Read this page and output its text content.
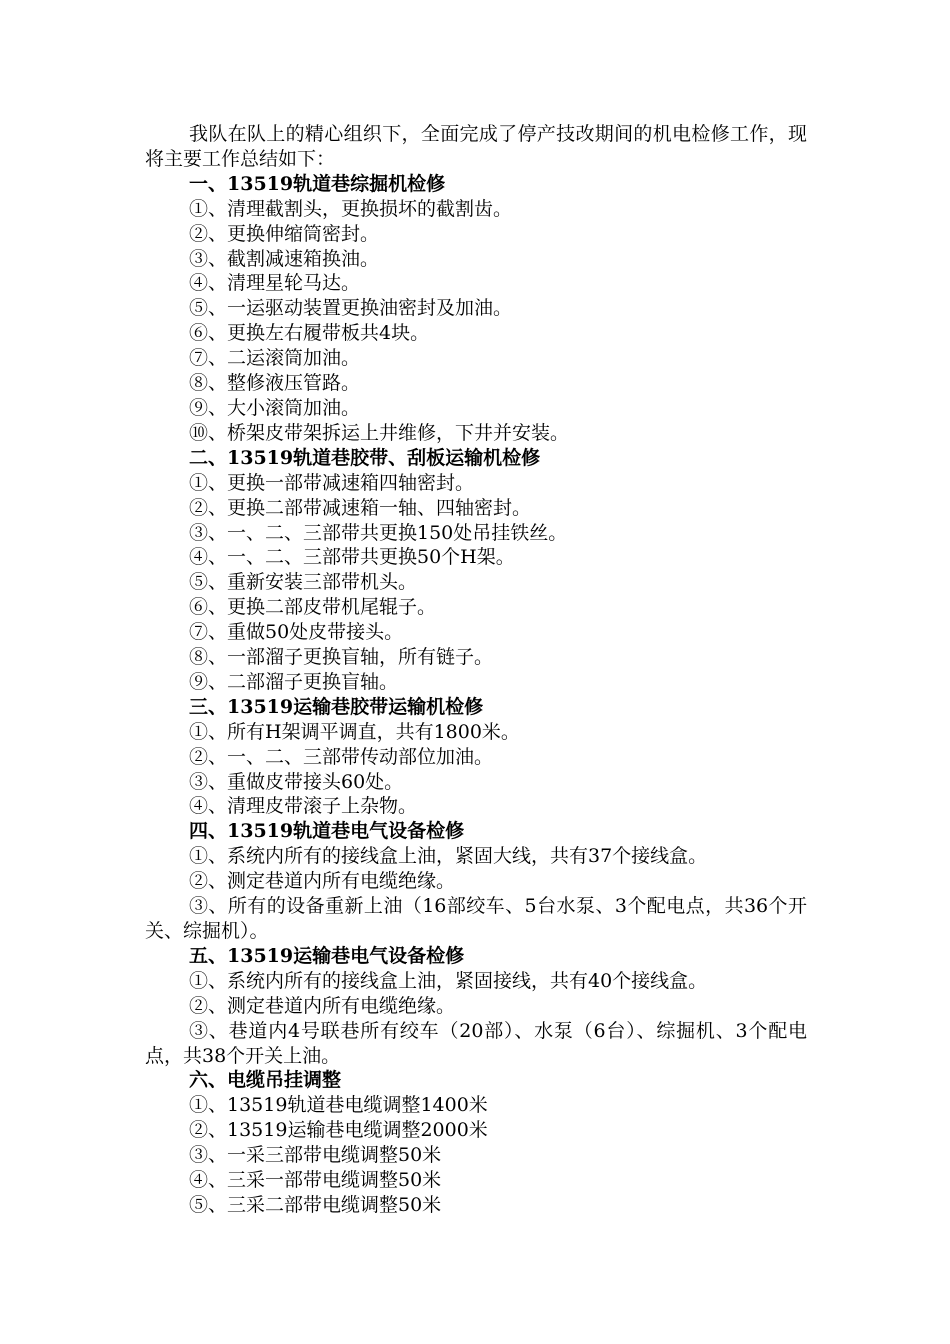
我队在队上的精心组织下，全面完成了停产技改期间的机电检修工作，现将主要工作总结如下：

一、13519轨道巷综掘机检修
①、清理截割头，更换损坏的截割齿。
②、更换伸缩筒密封。
③、截割减速箱换油。
④、清理星轮马达。
⑤、一运驱动装置更换油密封及加油。
⑥、更换左右履带板共4块。
⑦、二运滚筒加油。
⑧、整修液压管路。
⑨、大小滚筒加油。
⑩、桥架皮带架拆运上井维修，下井并安装。
二、13519轨道巷胶带、刮板运输机检修
①、更换一部带减速箱四轴密封。
②、更换二部带减速箱一轴、四轴密封。
③、一、二、三部带共更换150处吊挂铁丝。
④、一、二、三部带共更换50个H架。
⑤、重新安装三部带机头。
⑥、更换二部皮带机尾辊子。
⑦、重做50处皮带接头。
⑧、一部溜子更换盲轴，所有链子。
⑨、二部溜子更换盲轴。
三、13519运输巷胶带运输机检修
①、所有H架调平调直，共有1800米。
②、一、二、三部带传动部位加油。
③、重做皮带接头60处。
④、清理皮带滚子上杂物。
四、13519轨道巷电气设备检修
①、系统内所有的接线盒上油，紧固大线，共有37个接线盒。
②、测定巷道内所有电缆绝缘。
③、所有的设备重新上油（16部绞车、5台水泵、3个配电点，共36个开关、综掘机）。
五、13519运输巷电气设备检修
①、系统内所有的接线盒上油，紧固接线，共有40个接线盒。
②、测定巷道内所有电缆绝缘。
③、巷道内4号联巷所有绞车（20部）、水泵（6台）、综掘机、3个配电点，共38个开关上油。
六、电缆吊挂调整
①、13519轨道巷电缆调整1400米
②、13519运输巷电缆调整2000米
③、一采三部带电缆调整50米
④、三采一部带电缆调整50米
⑤、三采二部带电缆调整50米
